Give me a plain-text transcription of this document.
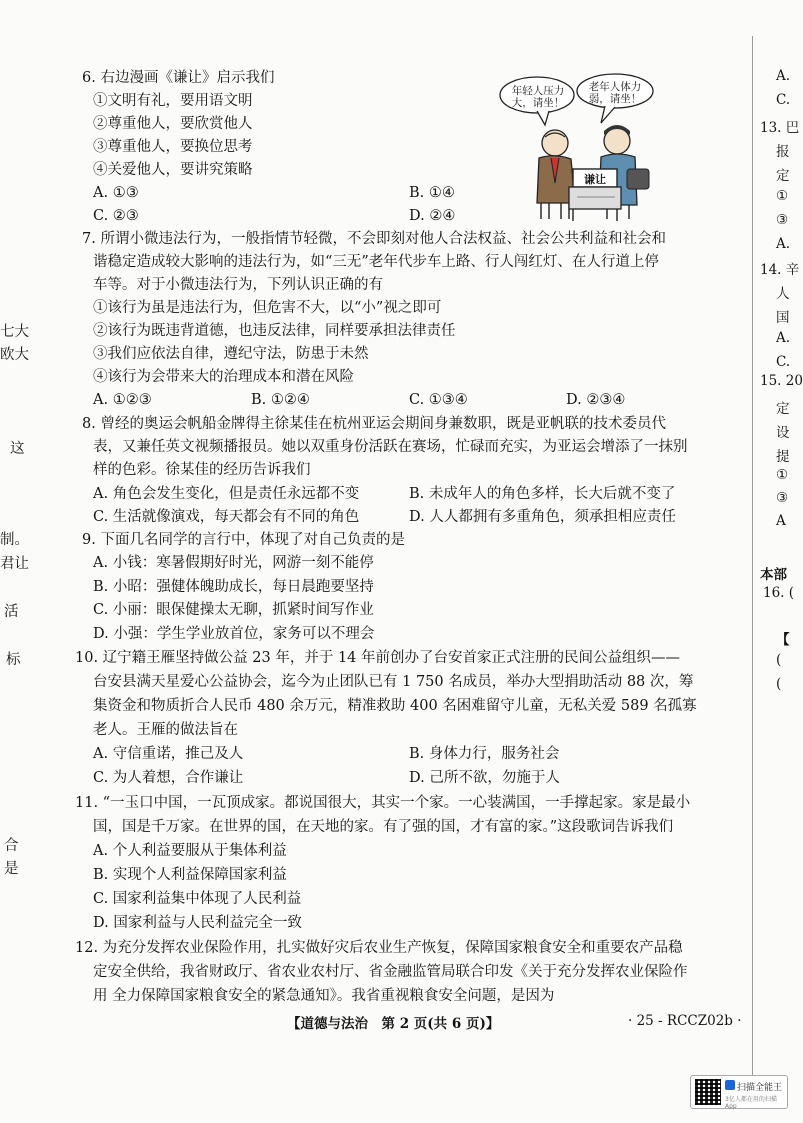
七大
欧大
这
制。
君让
活
标
合
是
A.
C.
13. 巴
报
定
①
③
A.
14. 辛
人
国
A.
C.
15. 20
定
设
提
①
③
A
本部
16. (
【
(
(
6. 右边漫画《谦让》启示我们
①文明有礼，要用语文明
②尊重他人，要欣赏他人
③尊重他人，要换位思考
④关爱他人，要讲究策略
A. ①③	B. ①④
C. ②③	D. ②④
年轻人压力
大，请坐！
老年人体力
弱，请坐！
谦让
7. 所谓小微违法行为，一般指情节轻微，不会即刻对他人合法权益、社会公共利益和社会和
谐稳定造成较大影响的违法行为，如“三无”老年代步车上路、行人闯红灯、在人行道上停
车等。对于小微违法行为，下列认识正确的有
①该行为虽是违法行为，但危害不大，以“小”视之即可
②该行为既违背道德，也违反法律，同样要承担法律责任
③我们应依法自律，遵纪守法，防患于未然
④该行为会带来大的治理成本和潜在风险
A. ①②③	B. ①②④	C. ①③④	D. ②③④
8. 曾经的奥运会帆船金牌得主徐某佳在杭州亚运会期间身兼数职，既是亚帆联的技术委员代
表，又兼任英文视频播报员。她以双重身份活跃在赛场，忙碌而充实，为亚运会增添了一抹别
样的色彩。徐某佳的经历告诉我们
A. 角色会发生变化，但是责任永远都不变	B. 未成年人的角色多样，长大后就不变了
C. 生活就像演戏，每天都会有不同的角色	D. 人人都拥有多重角色，须承担相应责任
9. 下面几名同学的言行中，体现了对自己负责的是
A. 小钱：寒暑假期好时光，网游一刻不能停
B. 小昭：强健体魄助成长，每日晨跑要坚持
C. 小丽：眼保健操太无聊，抓紧时间写作业
D. 小强：学生学业放首位，家务可以不理会
10. 辽宁籍王雁坚持做公益 23 年，并于 14 年前创办了台安首家正式注册的民间公益组织——
台安县满天星爱心公益协会，迄今为止团队已有 1 750 名成员，举办大型捐助活动 88 次，筹
集资金和物质折合人民币 480 余万元，精准救助 400 名困难留守儿童，无私关爱 589 名孤寡
老人。王雁的做法旨在
A. 守信重诺，推己及人	B. 身体力行，服务社会
C. 为人着想，合作谦让	D. 己所不欲，勿施于人
11. “一玉口中国，一瓦顶成家。都说国很大，其实一个家。一心装满国，一手撑起家。家是最小
国，国是千万家。在世界的国，在天地的家。有了强的国，才有富的家。”这段歌词告诉我们
A. 个人利益要服从于集体利益
B. 实现个人利益保障国家利益
C. 国家利益集中体现了人民利益
D. 国家利益与人民利益完全一致
12. 为充分发挥农业保险作用，扎实做好灾后农业生产恢复，保障国家粮食安全和重要农产品稳
定安全供给，我省财政厅、省农业农村厅、省金融监管局联合印发《关于充分发挥农业保险作
用 全力保障国家粮食安全的紧急通知》。我省重视粮食安全问题，是因为
【道德与法治　第 2 页(共 6 页)】	· 25 - RCCZ02b ·
扫描全能王
3亿人都在用的扫描App
